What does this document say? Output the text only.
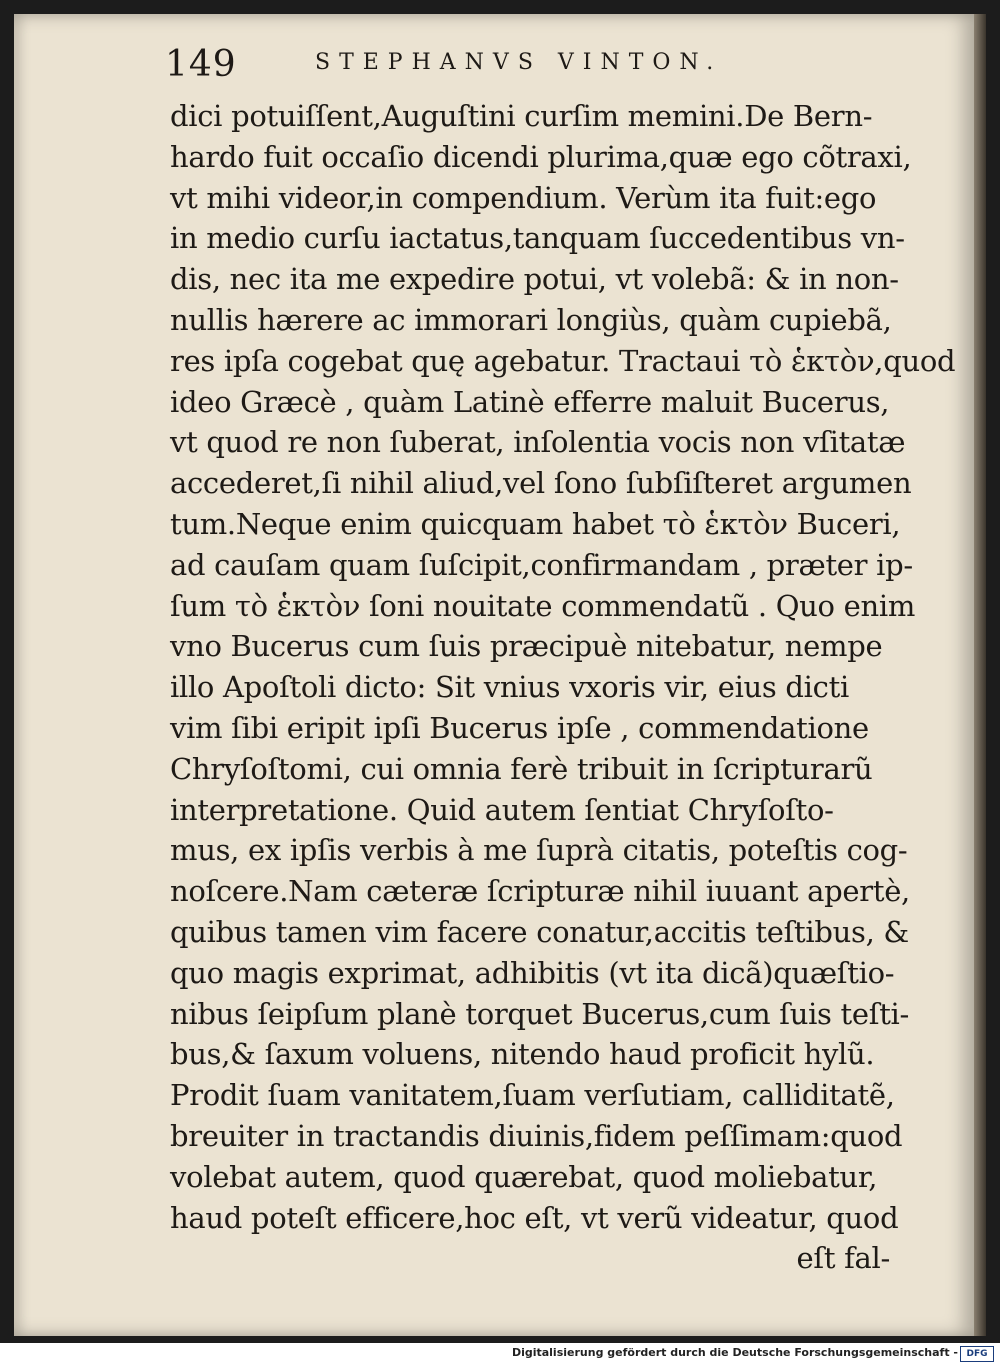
149	STEPHANVS VINTON.
dici potuiſſent,Auguſtini curſim memini.De Bern-
hardo fuit occaſio dicendi plurima,quæ ego cõtraxi,
vt mihi videor,in compendium. Verùm ita fuit:ego
in medio curſu iactatus,tanquam ſuccedentibus vn-
dis, nec ita me expedire potui, vt volebã: & in non-
nullis hærere ac immorari longiùs, quàm cupiebã,
res ipſa cogebat quę agebatur. Tractaui τὸ ἑκτὸν,quod
ideo Græcè , quàm Latinè efferre maluit Bucerus,
vt quod re non ſuberat, inſolentia vocis non vſitatæ
accederet,ſi nihil aliud,vel ſono ſubſiſteret argumen
tum.Neque enim quicquam habet τὸ ἑκτὸν Buceri,
ad cauſam quam ſuſcipit,confirmandam , præter ip-
ſum τὸ ἑκτὸν ſoni nouitate commendatũ . Quo enim
vno Bucerus cum ſuis præcipuè nitebatur, nempe
illo Apoſtoli dicto: Sit vnius vxoris vir, eius dicti
vim ſibi eripit ipſi Bucerus ipſe , commendatione
Chryſoſtomi, cui omnia ferè tribuit in ſcripturarũ
interpretatione. Quid autem ſentiat Chryſoſto-
mus, ex ipſis verbis à me ſuprà citatis, poteſtis cog-
noſcere.Nam cæteræ ſcripturæ nihil iuuant apertè,
quibus tamen vim facere conatur,accitis teſtibus, &
quo magis exprimat, adhibitis (vt ita dicã)quæſtio-
nibus ſeipſum planè torquet Bucerus,cum ſuis teſti-
bus,& ſaxum voluens, nitendo haud proficit hylũ.
Prodit ſuam vanitatem,ſuam verſutiam, calliditatẽ,
breuiter in tractandis diuinis,fidem peſſimam:quod
volebat autem, quod quærebat, quod moliebatur,
haud poteſt efficere,hoc eſt, vt verũ videatur, quod
eſt fal-
Digitalisierung gefördert durch die Deutsche Forschungsgemeinschaft - DFG
